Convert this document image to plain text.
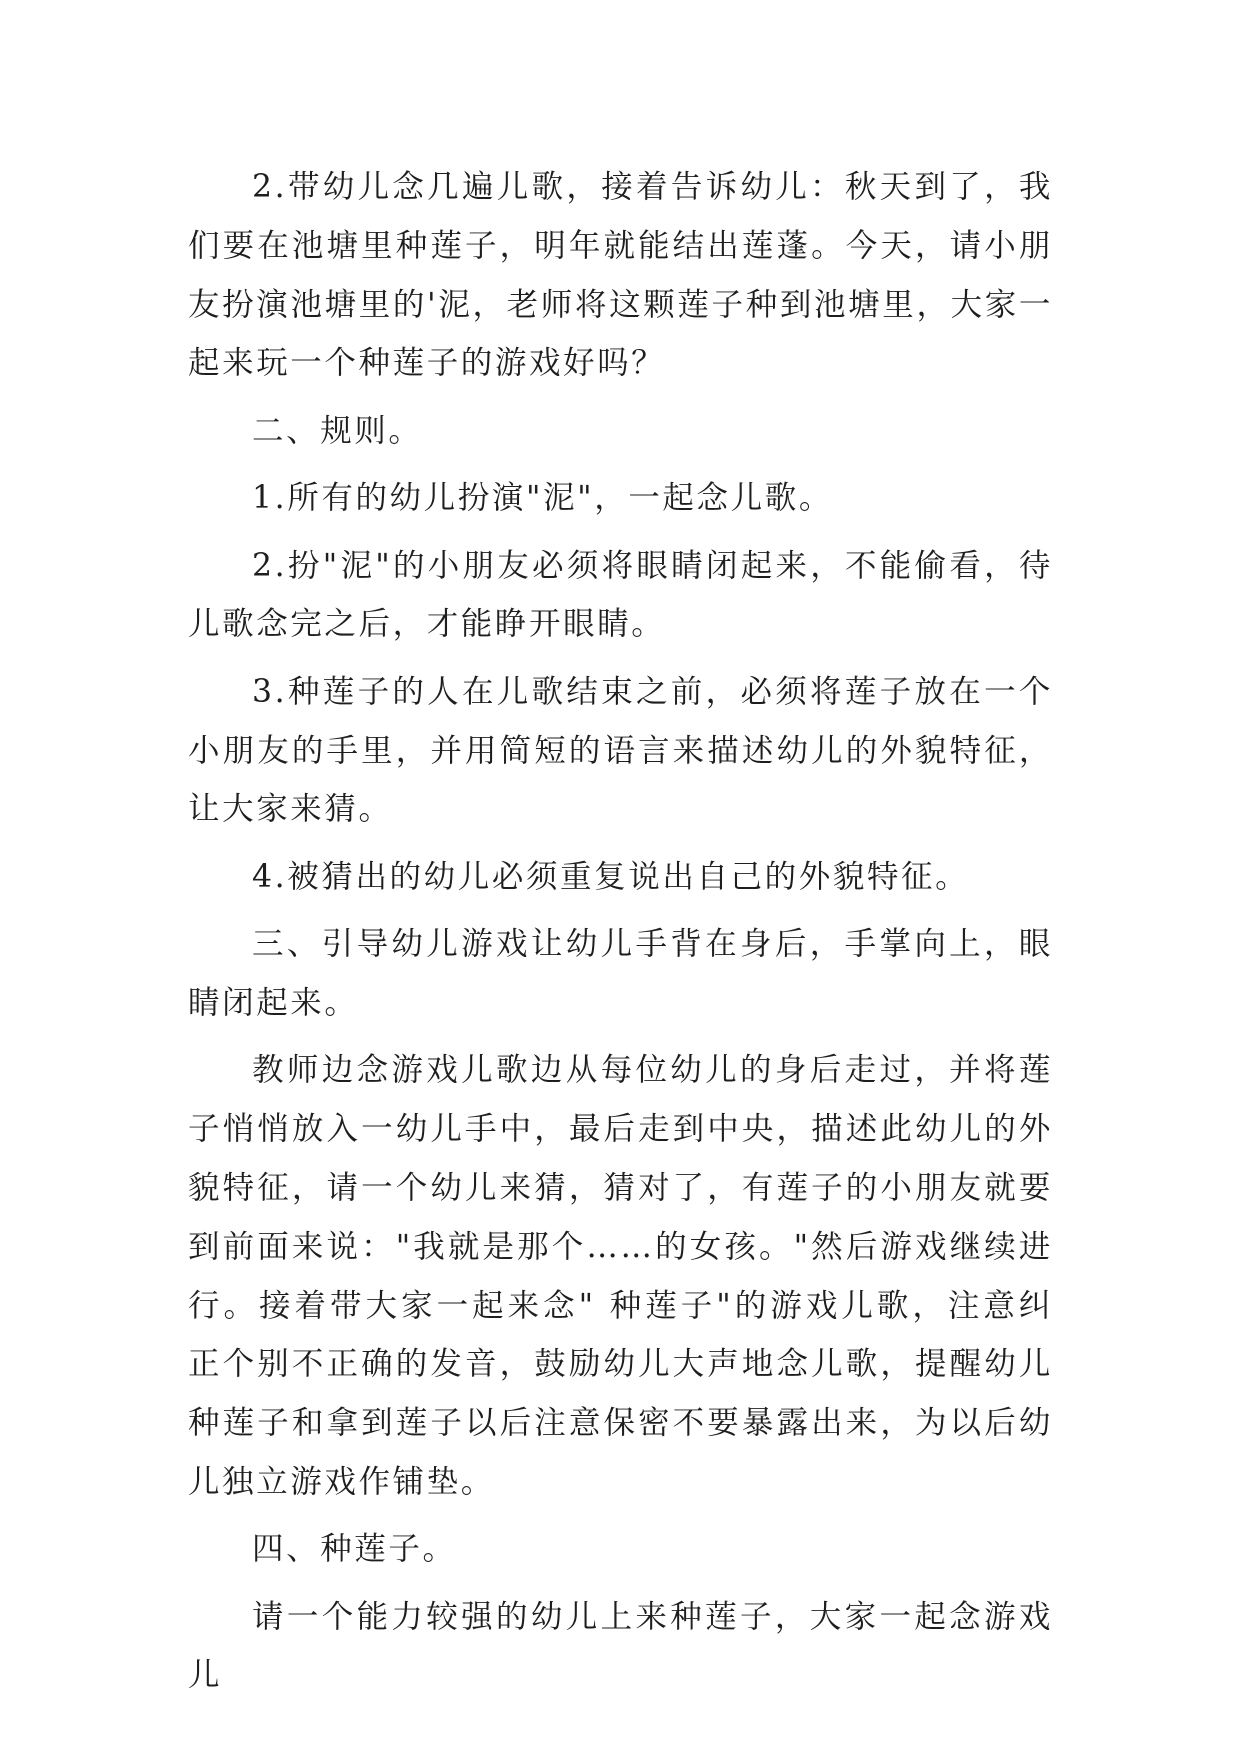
2.带幼儿念几遍儿歌，接着告诉幼儿：秋天到了，我们要在池塘里种莲子，明年就能结出莲蓬。今天，请小朋友扮演池塘里的'泥，老师将这颗莲子种到池塘里，大家一起来玩一个种莲子的游戏好吗？

二、规则。

1.所有的幼儿扮演"泥"，一起念儿歌。

2.扮"泥"的小朋友必须将眼睛闭起来，不能偷看，待儿歌念完之后，才能睁开眼睛。

3.种莲子的人在儿歌结束之前，必须将莲子放在一个小朋友的手里，并用简短的语言来描述幼儿的外貌特征，让大家来猜。

4.被猜出的幼儿必须重复说出自己的外貌特征。

三、引导幼儿游戏让幼儿手背在身后，手掌向上，眼睛闭起来。

教师边念游戏儿歌边从每位幼儿的身后走过，并将莲子悄悄放入一幼儿手中，最后走到中央，描述此幼儿的外貌特征，请一个幼儿来猜，猜对了，有莲子的小朋友就要到前面来说："我就是那个……的女孩。"然后游戏继续进行。接着带大家一起来念" 种莲子"的游戏儿歌，注意纠正个别不正确的发音，鼓励幼儿大声地念儿歌，提醒幼儿种莲子和拿到莲子以后注意保密不要暴露出来，为以后幼儿独立游戏作铺垫。

四、种莲子。

请一个能力较强的幼儿上来种莲子，大家一起念游戏儿
